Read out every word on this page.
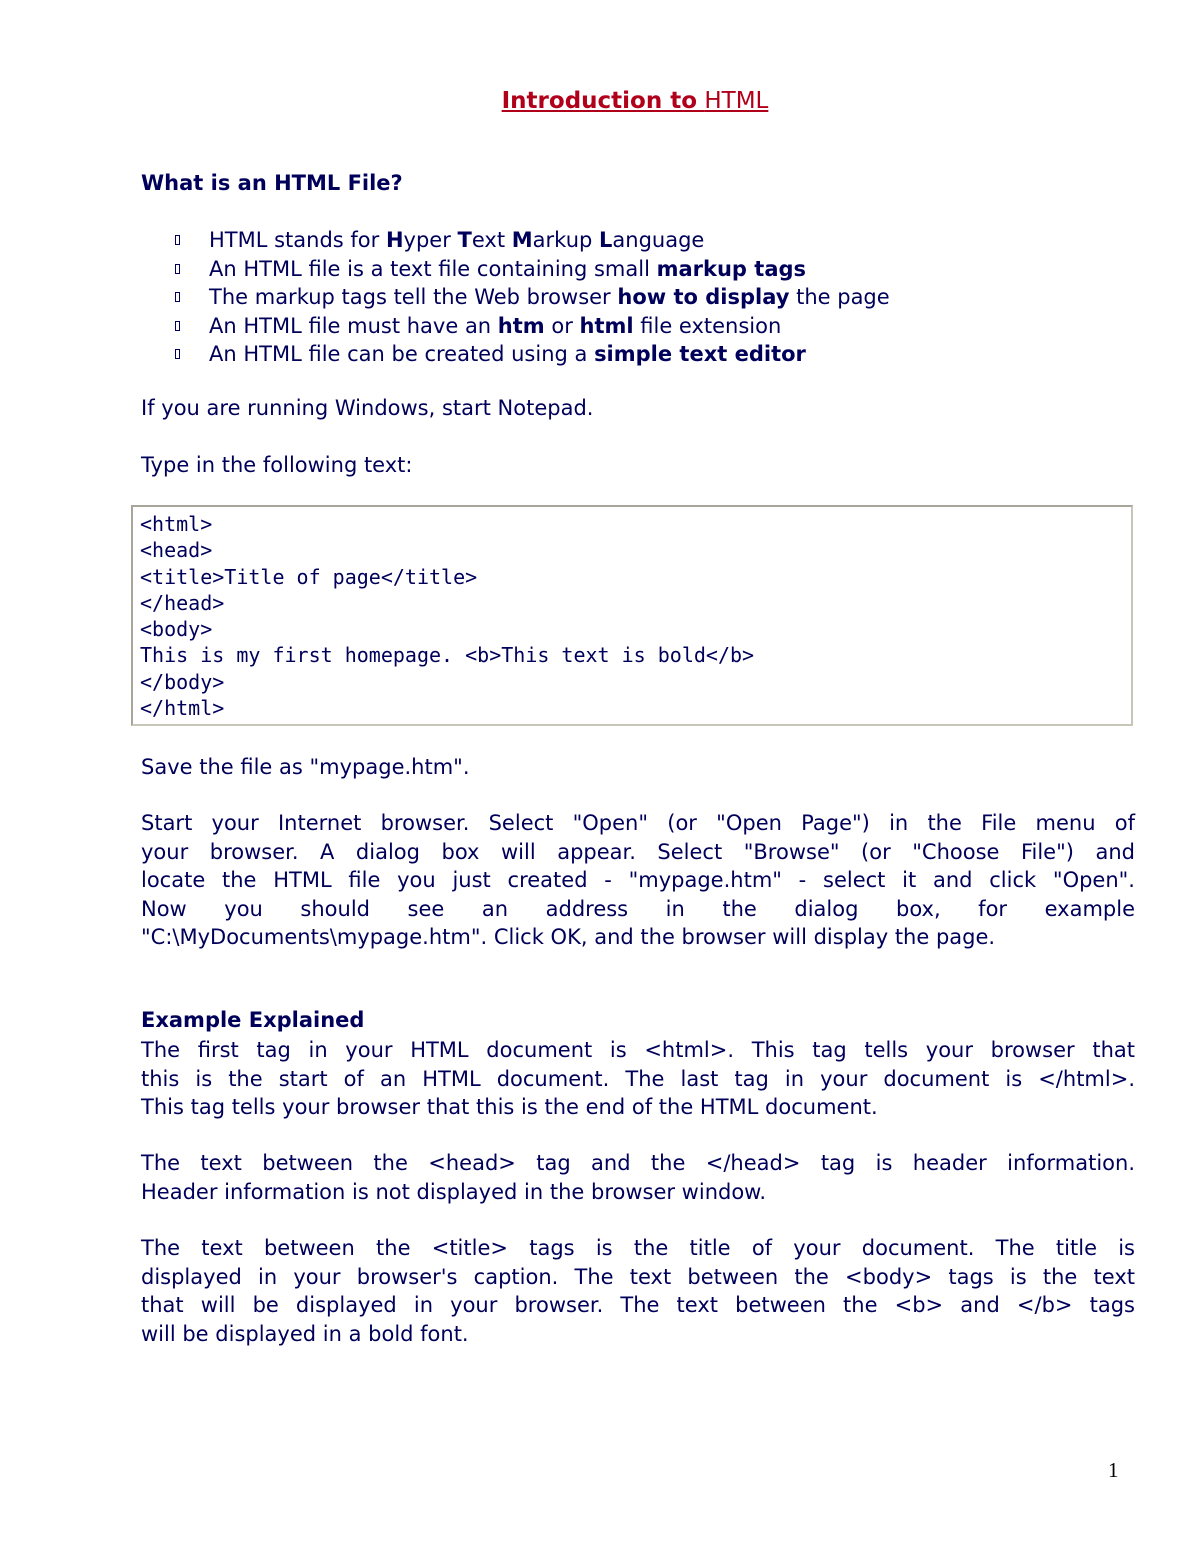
Introduction to HTML
What is an HTML File?
HTML stands for Hyper Text Markup Language
An HTML file is a text file containing small markup tags
The markup tags tell the Web browser how to display the page
An HTML file must have an htm or html file extension
An HTML file can be created using a simple text editor

If you are running Windows, start Notepad.

Type in the following text:

<html>
<head>
<title>Title of page</title>
</head>
<body>
This is my first homepage. <b>This text is bold</b>
</body>
</html>

Save the file as "mypage.htm".

Start your Internet browser. Select "Open" (or "Open Page") in the File menu of
your browser. A dialog box will appear. Select "Browse" (or "Choose File") and
locate the HTML file you just created - "mypage.htm" - select it and click "Open".
Now you should see an address in the dialog box, for example
"C:\MyDocuments\mypage.htm". Click OK, and the browser will display the page.
Example Explained
The first tag in your HTML document is <html>. This tag tells your browser that
this is the start of an HTML document. The last tag in your document is </html>.
This tag tells your browser that this is the end of the HTML document.
The text between the <head> tag and the </head> tag is header information.
Header information is not displayed in the browser window.
The text between the <title> tags is the title of your document. The title is
displayed in your browser's caption. The text between the <body> tags is the text
that will be displayed in your browser. The text between the <b> and </b> tags
will be displayed in a bold font.
1
